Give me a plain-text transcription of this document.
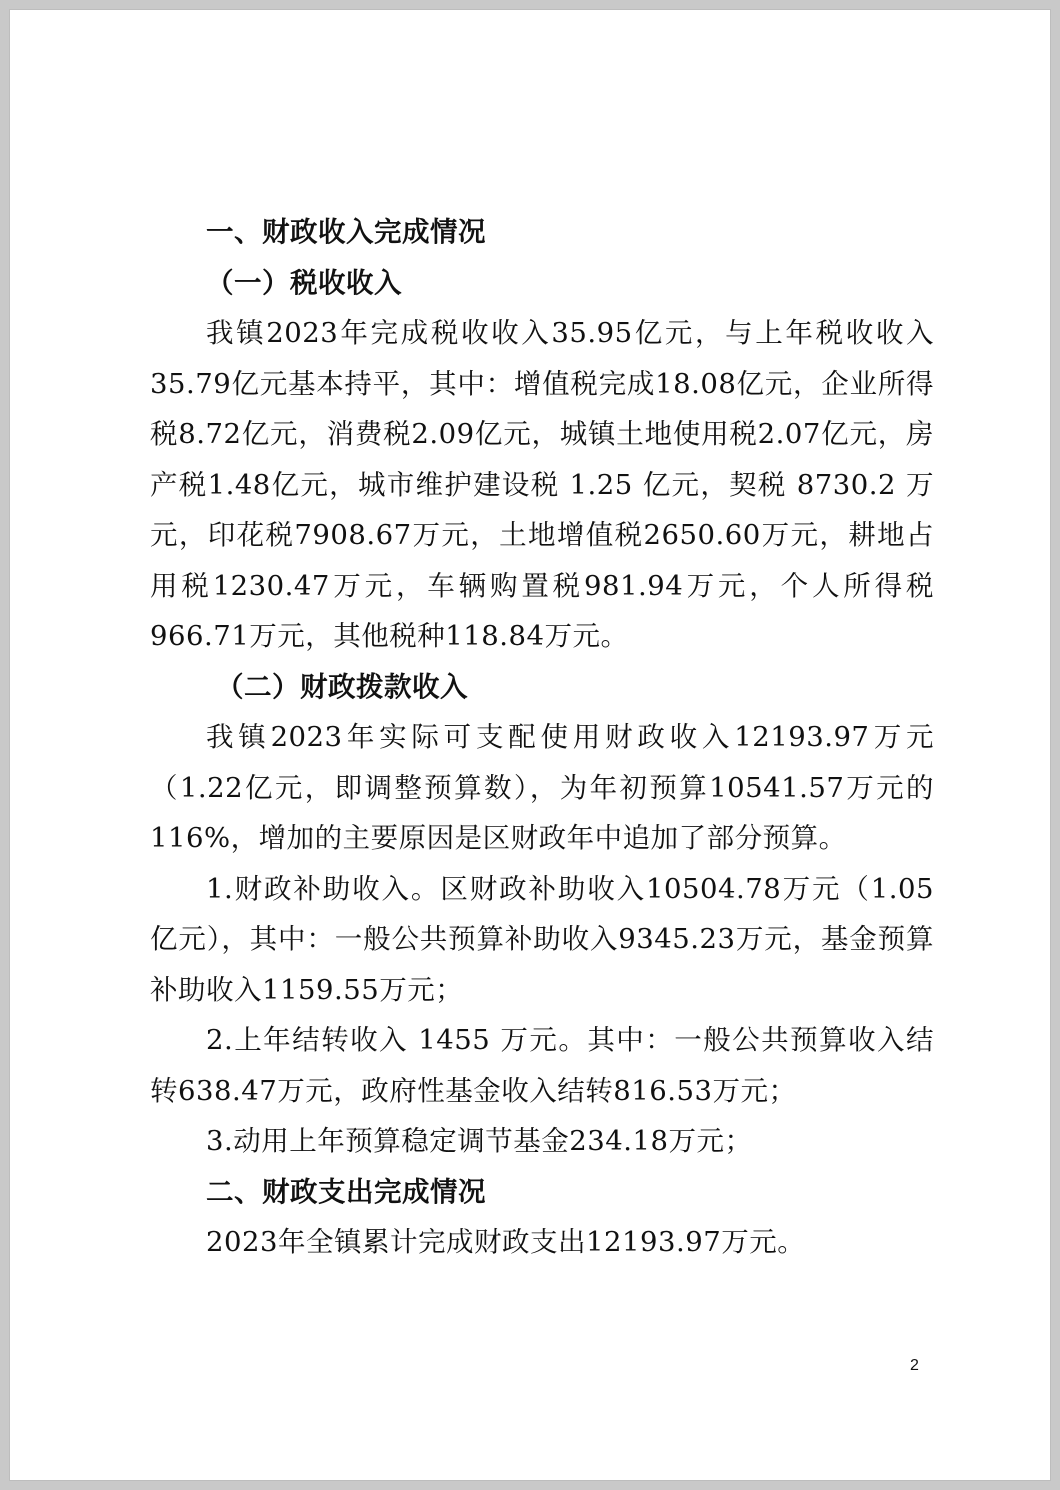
一、财政收入完成情况

（一）税收收入

我镇2023年完成税收收入35.95亿元，与上年税收收入35.79亿元基本持平，其中：增值税完成18.08亿元，企业所得税8.72亿元，消费税2.09亿元，城镇土地使用税2.07亿元，房产税1.48亿元，城市维护建设税 1.25 亿元，契税 8730.2 万元，印花税7908.67万元，土地增值税2650.60万元，耕地占用税1230.47万元，车辆购置税981.94万元，个人所得税966.71万元，其他税种118.84万元。

（二）财政拨款收入

我镇2023年实际可支配使用财政收入12193.97万元（1.22亿元，即调整预算数），为年初预算10541.57万元的 116%，增加的主要原因是区财政年中追加了部分预算。

1.财政补助收入。区财政补助收入10504.78万元（1.05亿元），其中：一般公共预算补助收入9345.23万元，基金预算补助收入1159.55万元；

2.上年结转收入 1455 万元。其中：一般公共预算收入结转638.47万元，政府性基金收入结转816.53万元；

3.动用上年预算稳定调节基金234.18万元；

二、财政支出完成情况

2023年全镇累计完成财政支出12193.97万元。

2
